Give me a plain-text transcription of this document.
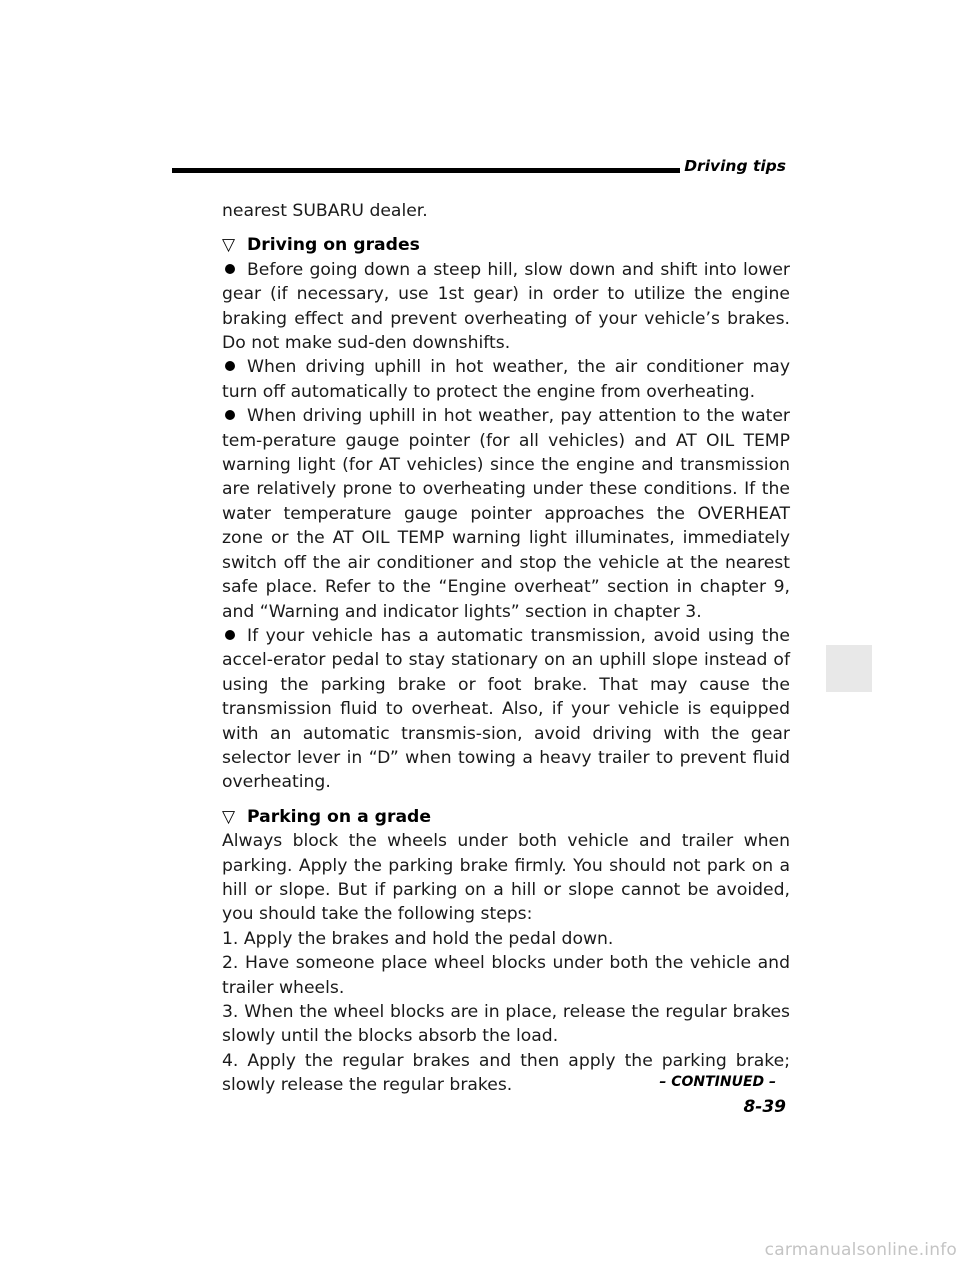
Driving tips

nearest SUBARU dealer.

▽ Driving on grades

Before going down a steep hill, slow down and shift into lower gear (if necessary, use 1st gear) in order to utilize the engine braking effect and prevent overheating of your vehicle’s brakes. Do not make sud-den downshifts.

When driving uphill in hot weather, the air conditioner may turn off automatically to protect the engine from overheating.

When driving uphill in hot weather, pay attention to the water tem-perature gauge pointer (for all vehicles) and AT OIL TEMP warning light (for AT vehicles) since the engine and transmission are relatively prone to overheating under these conditions. If the water temperature gauge pointer approaches the OVERHEAT zone or the AT OIL TEMP warning light illuminates, immediately switch off the air conditioner and stop the vehicle at the nearest safe place. Refer to the “Engine overheat” section in chapter 9, and “Warning and indicator lights” section in chapter 3.

If your vehicle has a automatic transmission, avoid using the accel-erator pedal to stay stationary on an uphill slope instead of using the parking brake or foot brake. That may cause the transmission fluid to overheat. Also, if your vehicle is equipped with an automatic transmis-sion, avoid driving with the gear selector lever in “D” when towing a heavy trailer to prevent fluid overheating.

▽ Parking on a grade

Always block the wheels under both vehicle and trailer when parking. Apply the parking brake firmly. You should not park on a hill or slope. But if parking on a hill or slope cannot be avoided, you should take the following steps:

1. Apply the brakes and hold the pedal down.

2. Have someone place wheel blocks under both the vehicle and trailer wheels.

3. When the wheel blocks are in place, release the regular brakes slowly until the blocks absorb the load.

4. Apply the regular brakes and then apply the parking brake; slowly release the regular brakes.	– CONTINUED –
8-39
carmanualsonline.info
